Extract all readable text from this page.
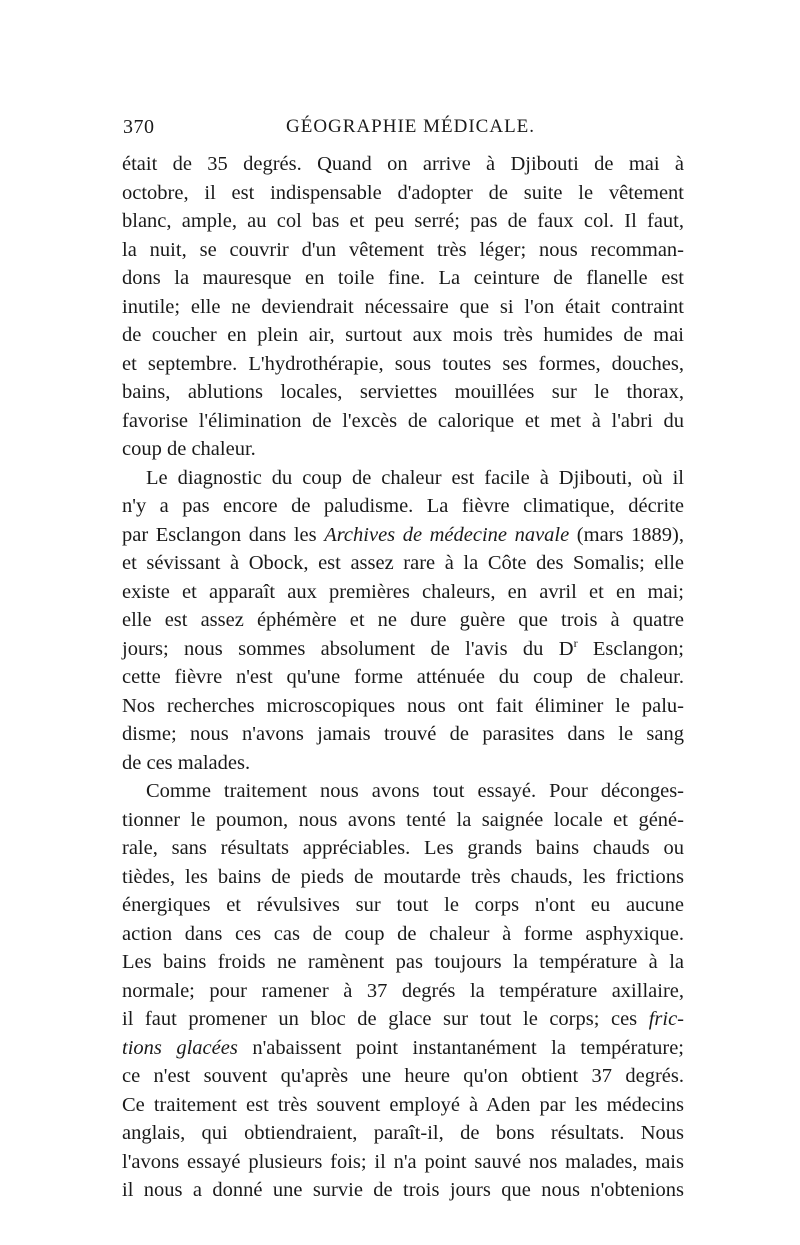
370	GÉOGRAPHIE MÉDICALE.
était de 35 degrés. Quand on arrive à Djibouti de mai à
octobre, il est indispensable d'adopter de suite le vêtement
blanc, ample, au col bas et peu serré; pas de faux col. Il faut,
la nuit, se couvrir d'un vêtement très léger; nous recomman-
dons la mauresque en toile fine. La ceinture de flanelle est
inutile; elle ne deviendrait nécessaire que si l'on était contraint
de coucher en plein air, surtout aux mois très humides de mai
et septembre. L'hydrothérapie, sous toutes ses formes, douches,
bains, ablutions locales, serviettes mouillées sur le thorax,
favorise l'élimination de l'excès de calorique et met à l'abri du
coup de chaleur.
Le diagnostic du coup de chaleur est facile à Djibouti, où il
n'y a pas encore de paludisme. La fièvre climatique, décrite
par Esclangon dans les Archives de médecine navale (mars 1889),
et sévissant à Obock, est assez rare à la Côte des Somalis; elle
existe et apparaît aux premières chaleurs, en avril et en mai;
elle est assez éphémère et ne dure guère que trois à quatre
jours; nous sommes absolument de l'avis du $D^r$ Esclangon;
cette fièvre n'est qu'une forme atténuée du coup de chaleur.
Nos recherches microscopiques nous ont fait éliminer le palu-
disme; nous n'avons jamais trouvé de parasites dans le sang
de ces malades.
Comme traitement nous avons tout essayé. Pour déconges-
tionner le poumon, nous avons tenté la saignée locale et géné-
rale, sans résultats appréciables. Les grands bains chauds ou
tièdes, les bains de pieds de moutarde très chauds, les frictions
énergiques et révulsives sur tout le corps n'ont eu aucune
action dans ces cas de coup de chaleur à forme asphyxique.
Les bains froids ne ramènent pas toujours la température à la
normale; pour ramener à 37 degrés la température axillaire,
il faut promener un bloc de glace sur tout le corps; ces fric-
tions glacées n'abaissent point instantanément la température;
ce n'est souvent qu'après une heure qu'on obtient 37 degrés.
Ce traitement est très souvent employé à Aden par les médecins
anglais, qui obtiendraient, paraît-il, de bons résultats. Nous
l'avons essayé plusieurs fois; il n'a point sauvé nos malades, mais
il nous a donné une survie de trois jours que nous n'obtenions
